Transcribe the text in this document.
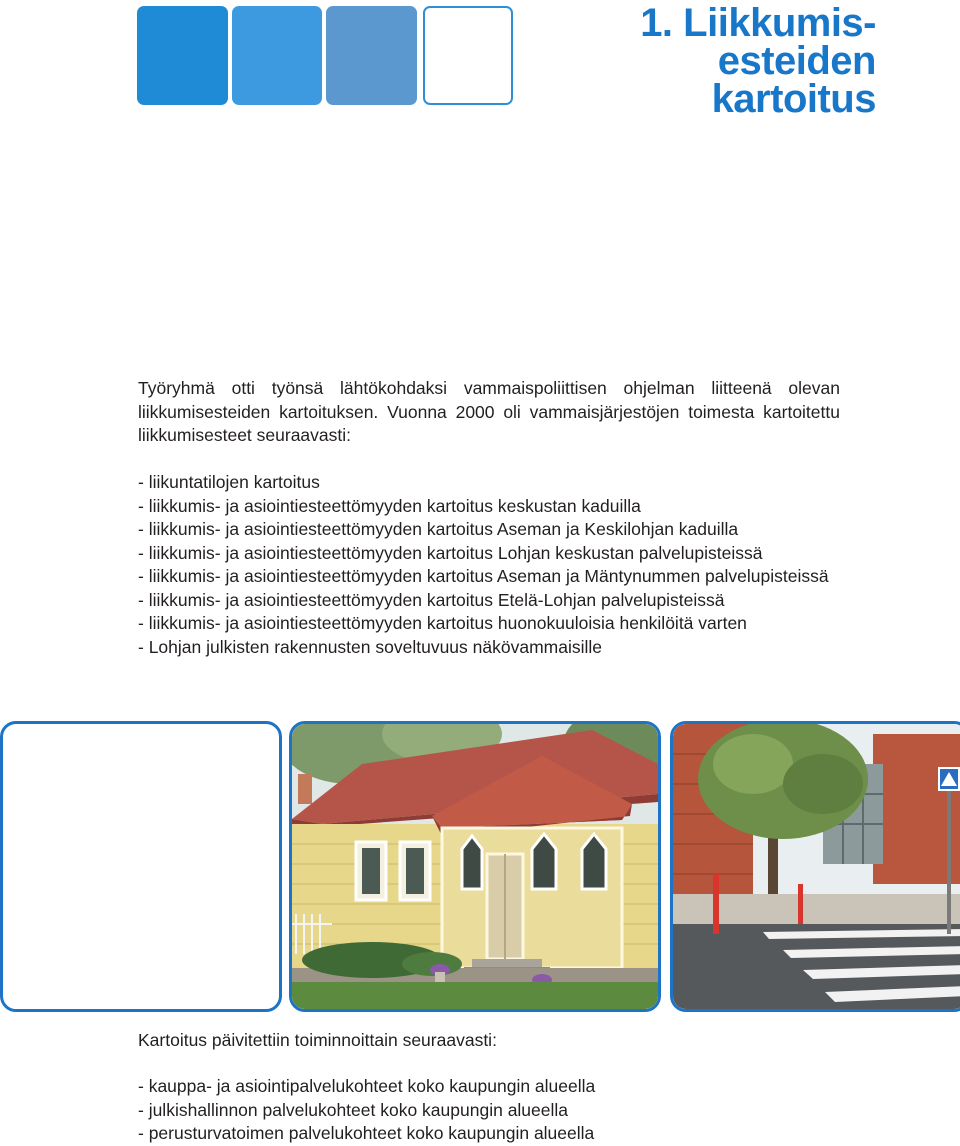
1. Liikkumis-
esteiden
kartoitus

Työryhmä otti työnsä lähtökohdaksi vammaispoliittisen ohjelman liitteenä olevan liikkumisesteiden kartoituksen. Vuonna 2000 oli vammaisjärjestöjen toimesta kartoitettu liikkumisesteet seuraavasti:

- liikuntatilojen kartoitus
- liikkumis- ja asiointiesteettömyyden kartoitus keskustan kaduilla
- liikkumis- ja asiointiesteettömyyden kartoitus Aseman ja Keskilohjan kaduilla
- liikkumis- ja asiointiesteettömyyden kartoitus Lohjan keskustan palvelupisteissä
- liikkumis- ja asiointiesteettömyyden kartoitus Aseman ja Mäntynummen palvelupisteissä
- liikkumis- ja asiointiesteettömyyden kartoitus Etelä-Lohjan palvelupisteissä
- liikkumis- ja asiointiesteettömyyden kartoitus huonokuuloisia henkilöitä varten
- Lohjan julkisten rakennusten soveltuvuus näkövammaisille

Kartoitus päivitettiin toiminnoittain seuraavasti:

- kauppa- ja asiointipalvelukohteet koko kaupungin alueella
- julkishallinnon palvelukohteet koko kaupungin alueella
- perusturvatoimen palvelukohteet koko kaupungin alueella
